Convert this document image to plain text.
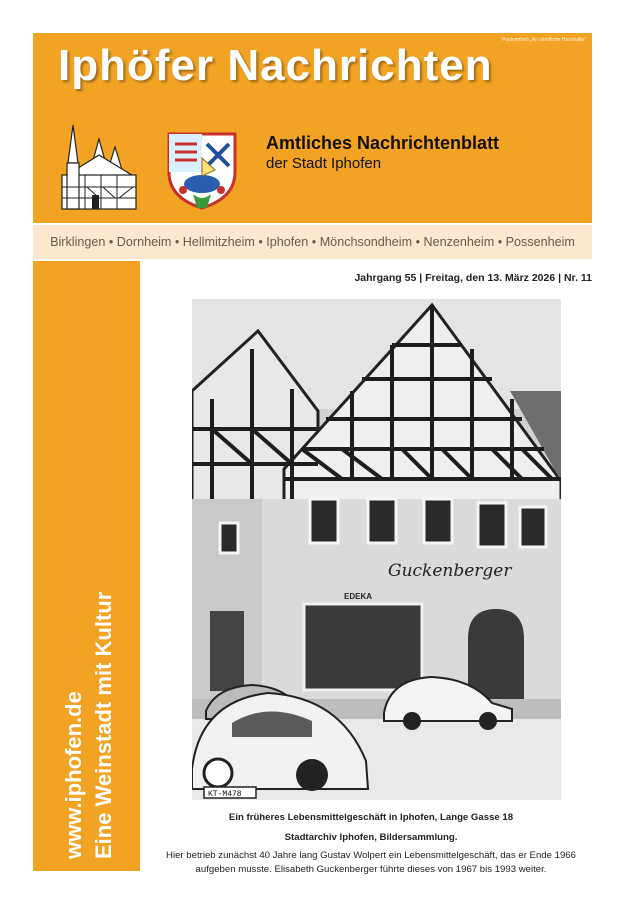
Postvertrieb „An sämtliche Haushalte“
Iphöfer Nachrichten
Amtliches Nachrichtenblatt
der Stadt Iphofen
Birklingen • Dornheim • Hellmitzheim • Iphofen • Mönchsondheim • Nenzenheim • Possenheim
www.iphofen.de Eine Weinstadt mit Kultur
Jahrgang 55 | Freitag, den 13. März 2026 | Nr. 11
Guckenberger
EDEKA
KT-M478
Ein früheres Lebensmittelgeschäft in Iphofen, Lange Gasse 18
Stadtarchiv Iphofen, Bildersammlung.
Hier betrieb zunächst 40 Jahre lang Gustav Wolpert ein Lebensmittelgeschäft, das er Ende 1966 aufgeben musste. Elisabeth Guckenberger führte dieses von 1967 bis 1993 weiter.
